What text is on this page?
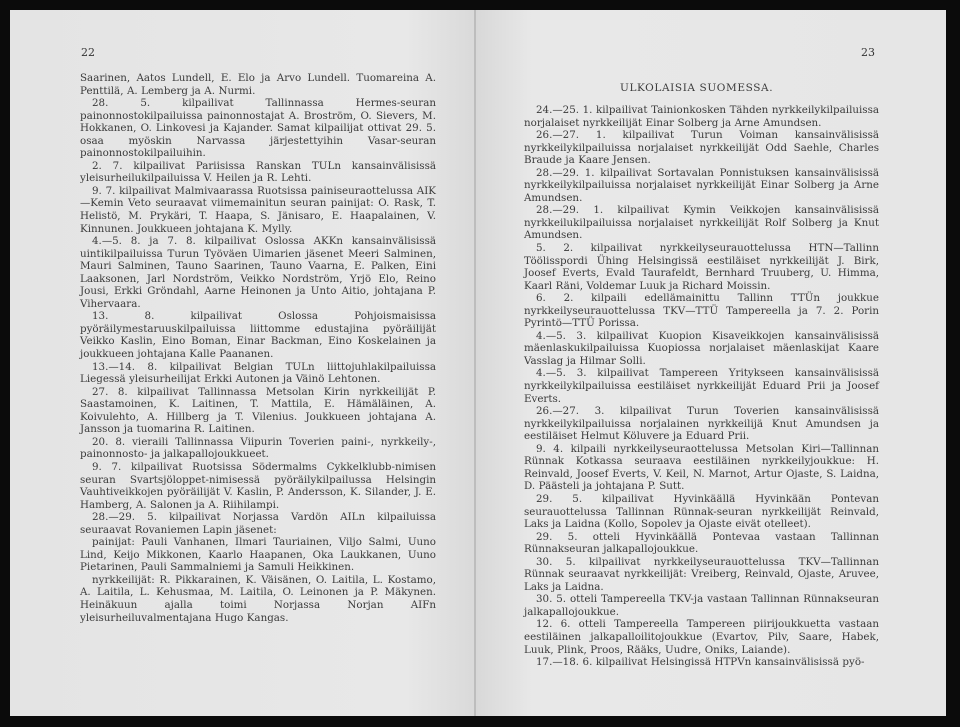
22

Saarinen, Aatos Lundell, E. Elo ja Arvo Lundell. Tuomareina A. Penttilä, A. Lemberg ja A. Nurmi.

28. 5. kilpailivat Tallinnassa Hermes-seuran painonnostokilpailuissa painonnostajat A. Broström, O. Sievers, M. Hokkanen, O. Linkovesi ja Kajander. Samat kilpailijat ottivat 29. 5. osaa myöskin Narvassa järjestettyihin Vasar-seuran painonnostokilpailuihin.

2. 7. kilpailivat Pariisissa Ranskan TULn kansainvälisissä yleisurheilukilpailuissa V. Heilen ja R. Lehti.

9. 7. kilpailivat Malmivaarassa Ruotsissa painiseuraottelussa AIK—Kemin Veto seuraavat viimemainitun seuran painijat: O. Rask, T. Helistö, M. Prykäri, T. Haapa, S. Jänisaro, E. Haapalainen, V. Kinnunen. Joukkueen johtajana K. Mylly.

4.—5. 8. ja 7. 8. kilpailivat Oslossa AKKn kansainvälisissä uintikilpailuissa Turun Työväen Uimarien jäsenet Meeri Salminen, Mauri Salminen, Tauno Saarinen, Tauno Vaarna, E. Palken, Eini Laaksonen, Jarl Nordström, Veikko Nordström, Yrjö Elo, Reino Jousi, Erkki Gröndahl, Aarne Heinonen ja Unto Aitio, johtajana P. Vihervaara.

13. 8. kilpailivat Oslossa Pohjoismaisissa pyöräilymestaruuskilpailuissa liittomme edustajina pyöräilijät Veikko Kaslin, Eino Boman, Einar Backman, Eino Koskelainen ja joukkueen johtajana Kalle Paananen.

13.—14. 8. kilpailivat Belgian TULn liittojuhlakilpailuissa Liegessä yleisurheilijat Erkki Autonen ja Väinö Lehtonen.

27. 8. kilpailivat Tallinnassa Metsolan Kirin nyrkkeilijät P. Saastamoinen, K. Laitinen, T. Mattila, E. Hämäläinen, A. Koivulehto, A. Hillberg ja T. Vilenius. Joukkueen johtajana A. Jansson ja tuomarina R. Laitinen.

20. 8. vieraili Tallinnassa Viipurin Toverien paini-, nyrkkeily-, painonnosto- ja jalkapallojoukkueet.

9. 7. kilpailivat Ruotsissa Södermalms Cykkelklubb-nimisen seuran Svartsjöloppet-nimisessä pyöräilykilpailussa Helsingin Vauhtiveikkojen pyöräilijät V. Kaslin, P. Andersson, K. Silander, J. E. Hamberg, A. Salonen ja A. Riihilampi.

28.—29. 5. kilpailivat Norjassa Vardön AILn kilpailuissa seuraavat Rovaniemen Lapin jäsenet:

painijat: Pauli Vanhanen, Ilmari Tauriainen, Viljo Salmi, Uuno Lind, Keijo Mikkonen, Kaarlo Haapanen, Oka Laukkanen, Uuno Pietarinen, Pauli Sammalniemi ja Samuli Heikkinen.

nyrkkeilijät: R. Pikkarainen, K. Väisänen, O. Laitila, L. Kostamo, A. Laitila, L. Kehusmaa, M. Laitila, O. Leinonen ja P. Mäkynen. Heinäkuun ajalla toimi Norjassa Norjan AIFn yleisurheiluvalmentajana Hugo Kangas.

23
ULKOLAISIA SUOMESSA.

24.—25. 1. kilpailivat Tainionkosken Tähden nyrkkeilykilpailuissa norjalaiset nyrkkeilijät Einar Solberg ja Arne Amundsen.

26.—27. 1. kilpailivat Turun Voiman kansainvälisissä nyrkkeilykilpailuissa norjalaiset nyrkkeilijät Odd Saehle, Charles Braude ja Kaare Jensen.

28.—29. 1. kilpailivat Sortavalan Ponnistuksen kansainvälisissä nyrkkeilykilpailuissa norjalaiset nyrkkeilijät Einar Solberg ja Arne Amundsen.

28.—29. 1. kilpailivat Kymin Veikkojen kansainvälisissä nyrkkeilukilpailuissa norjalaiset nyrkkeilijät Rolf Solberg ja Knut Amundsen.

5. 2. kilpailivat nyrkkeilyseurauottelussa HTN—Tallinn Töölisspordi Ühing Helsingissä eestiläiset nyrkkeilijät J. Birk, Joosef Everts, Evald Taurafeldt, Bernhard Truuberg, U. Himma, Kaarl Räni, Voldemar Luuk ja Richard Moissin.

6. 2. kilpaili edellämainittu Tallinn TTÜn joukkue nyrkkeilyseurauottelussa TKV—TTÜ Tampereella ja 7. 2. Porin Pyrintö—TTÜ Porissa.

4.—5. 3. kilpailivat Kuopion Kisaveikkojen kansainvälisissä mäenlaskukilpailuissa Kuopiossa norjalaiset mäenlaskijat Kaare Vasslag ja Hilmar Solli.

4.—5. 3. kilpailivat Tampereen Yritykseen kansainvälisissä nyrkkeilykilpailuissa eestiläiset nyrkkeilijät Eduard Prii ja Joosef Everts.

26.—27. 3. kilpailivat Turun Toverien kansainvälisissä nyrkkeilykilpailuissa norjalainen nyrkkeilijä Knut Amundsen ja eestiläiset Helmut Köluvere ja Eduard Prii.

9. 4. kilpaili nyrkkeilyseuraottelussa Metsolan Kiri—Tallinnan Rünnak Kotkassa seuraava eestiläinen nyrkkeilyjoukkue: H. Reinvald, Joosef Everts, V. Keil, N. Marnot, Artur Ojaste, S. Laidna, D. Päästeli ja johtajana P. Sutt.

29. 5. kilpailivat Hyvinkäällä Hyvinkään Pontevan seurauottelussa Tallinnan Rünnak-seuran nyrkkeilijät Reinvald, Laks ja Laidna (Kollo, Sopolev ja Ojaste eivät otelleet).

29. 5. otteli Hyvinkäällä Pontevaa vastaan Tallinnan Rünnakseuran jalkapallojoukkue.

30. 5. kilpailivat nyrkkeilyseurauottelussa TKV—Tallinnan Rünnak seuraavat nyrkkeilijät: Vreiberg, Reinvald, Ojaste, Aruvee, Laks ja Laidna.

30. 5. otteli Tampereella TKV-ja vastaan Tallinnan Rünnakseuran jalkapallojoukkue.

12. 6. otteli Tampereella Tampereen piirijoukkuetta vastaan eestiläinen jalkapalloilitojoukkue (Evartov, Pilv, Saare, Habek, Luuk, Plink, Proos, Rääks, Uudre, Oniks, Laiande).

17.—18. 6. kilpailivat Helsingissä HTPVn kansainvälisissä pyö-
